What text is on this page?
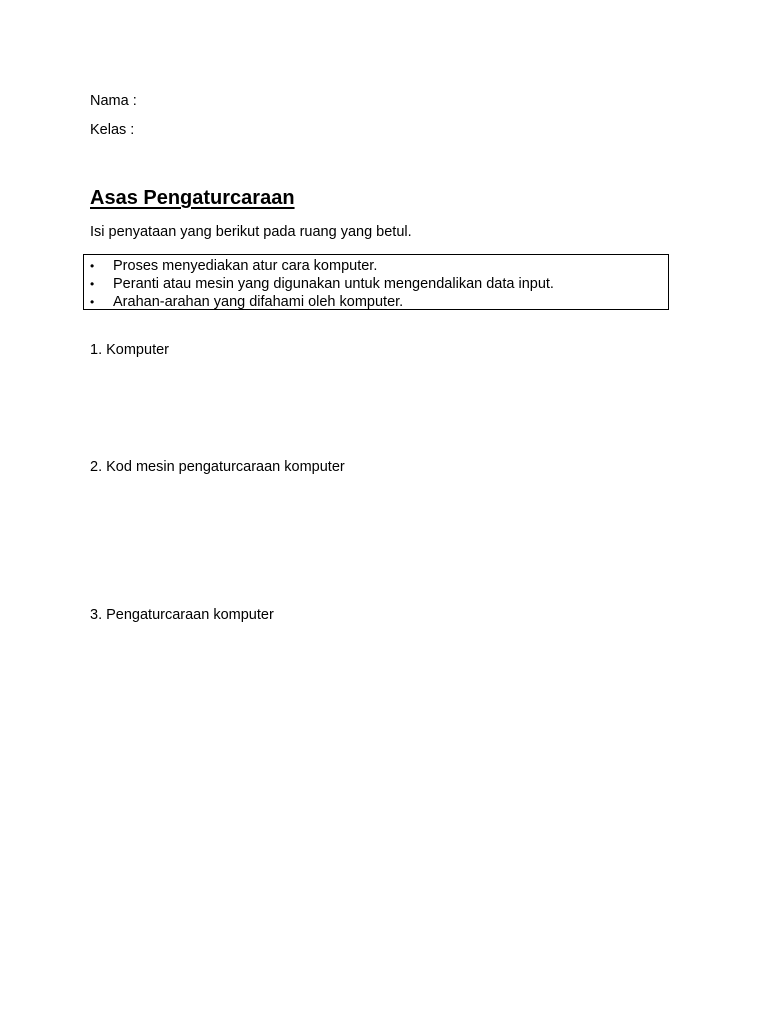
Nama :
Kelas :
Asas Pengaturcaraan
Isi penyataan yang berikut pada ruang yang betul.
• Proses menyediakan atur cara komputer.
• Peranti atau mesin yang digunakan untuk mengendalikan data input.
• Arahan-arahan yang difahami oleh komputer.
1. Komputer
2. Kod mesin pengaturcaraan komputer
3. Pengaturcaraan komputer
